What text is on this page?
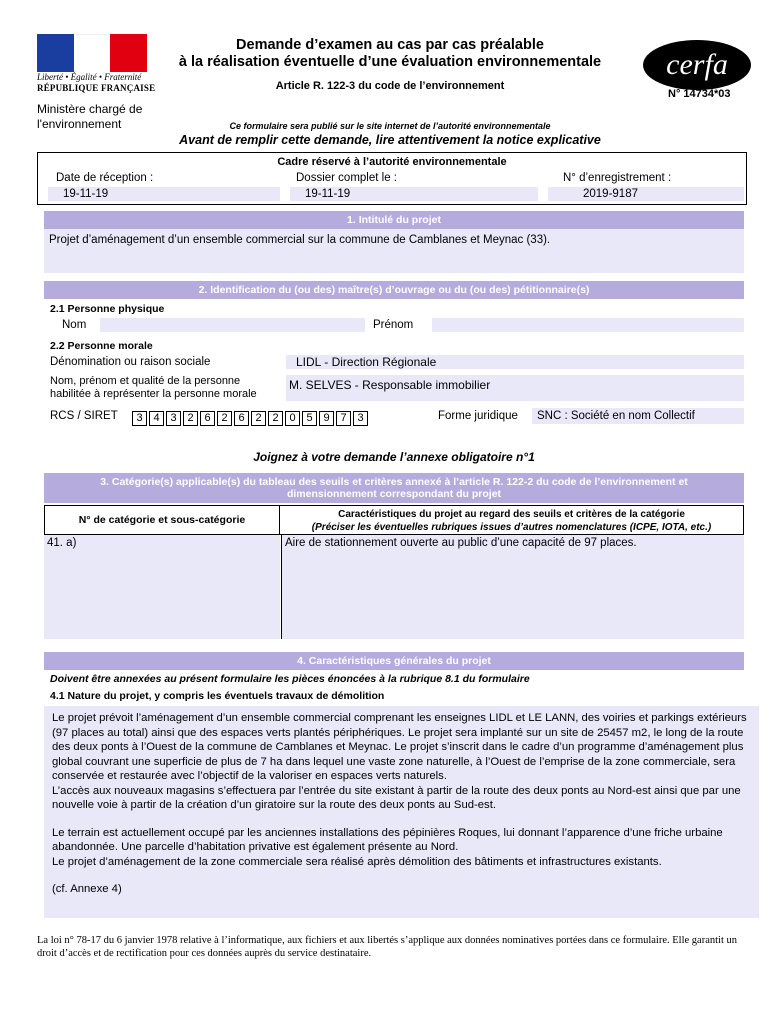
Liberté • Égalité • Fraternité
RÉPUBLIQUE FRANÇAISE
Ministère chargé de l'environnement
Demande d’examen au cas par cas préalable
à la réalisation éventuelle d’une évaluation environnementale
Article R. 122-3 du code de l’environnement
cerfa
N° 14734*03
Ce formulaire sera publié sur le site internet de l’autorité environnementale
Avant de remplir cette demande, lire attentivement la notice explicative
Cadre réservé à l’autorité environnementale
Date de réception :	Dossier complet le :	N° d’enregistrement :
19-11-19	19-11-19	2019-9187
1. Intitulé du projet
Projet d’aménagement d’un ensemble commercial sur la commune de Camblanes et Meynac (33).
2. Identification du (ou des) maître(s) d’ouvrage ou du (ou des) pétitionnaire(s)
2.1 Personne physique
Nom	Prénom
2.2 Personne morale
Dénomination ou raison sociale	LIDL - Direction Régionale
Nom, prénom et qualité de la personne
habilitée à représenter la personne morale
M. SELVES - Responsable immobilier
RCS / SIRET	3 4 3 2 6 2 6 2 2 0 5 9 7 3	Forme juridique	SNC : Société en nom Collectif
Joignez à votre demande l’annexe obligatoire n°1
3. Catégorie(s) applicable(s) du tableau des seuils et critères annexé à l’article R. 122-2 du code de l’environnement et
dimensionnement correspondant du projet
N° de catégorie et sous-catégorie	Caractéristiques du projet au regard des seuils et critères de la catégorie
(Préciser les éventuelles rubriques issues d’autres nomenclatures (ICPE, IOTA, etc.)
41. a)	Aire de stationnement ouverte au public d’une capacité de 97 places.
4. Caractéristiques générales du projet
Doivent être annexées au présent formulaire les pièces énoncées à la rubrique 8.1 du formulaire
4.1 Nature du projet, y compris les éventuels travaux de démolition
Le projet prévoit l’aménagement d’un ensemble commercial comprenant les enseignes LIDL et LE LANN, des voiries et parkings extérieurs (97 places au total) ainsi que des espaces verts plantés périphériques. Le projet sera implanté sur un site de 25457 m2, le long de la route des deux ponts à l’Ouest de la commune de Camblanes et Meynac. Le projet s’inscrit dans le cadre d’un programme d’aménagement plus global couvrant une superficie de plus de 7 ha dans lequel une vaste zone naturelle, à l’Ouest de l’emprise de la zone commerciale, sera conservée et restaurée avec l’objectif de la valoriser en espaces verts naturels.
L’accès aux nouveaux magasins s’effectuera par l’entrée du site existant à partir de la route des deux ponts au Nord-est ainsi que par une nouvelle voie à partir de la création d’un giratoire sur la route des deux ponts au Sud-est.
Le terrain est actuellement occupé par les anciennes installations des pépinières Roques, lui donnant l’apparence d’une friche urbaine abandonnée. Une parcelle d’habitation privative est également présente au Nord.
Le projet d’aménagement de la zone commerciale sera réalisé après démolition des bâtiments et infrastructures existants.
(cf. Annexe 4)
La loi n° 78-17 du 6 janvier 1978 relative à l’informatique, aux fichiers et aux libertés s’applique aux données nominatives portées dans ce formulaire. Elle garantit un droit d’accès et de rectification pour ces données auprès du service destinataire.
